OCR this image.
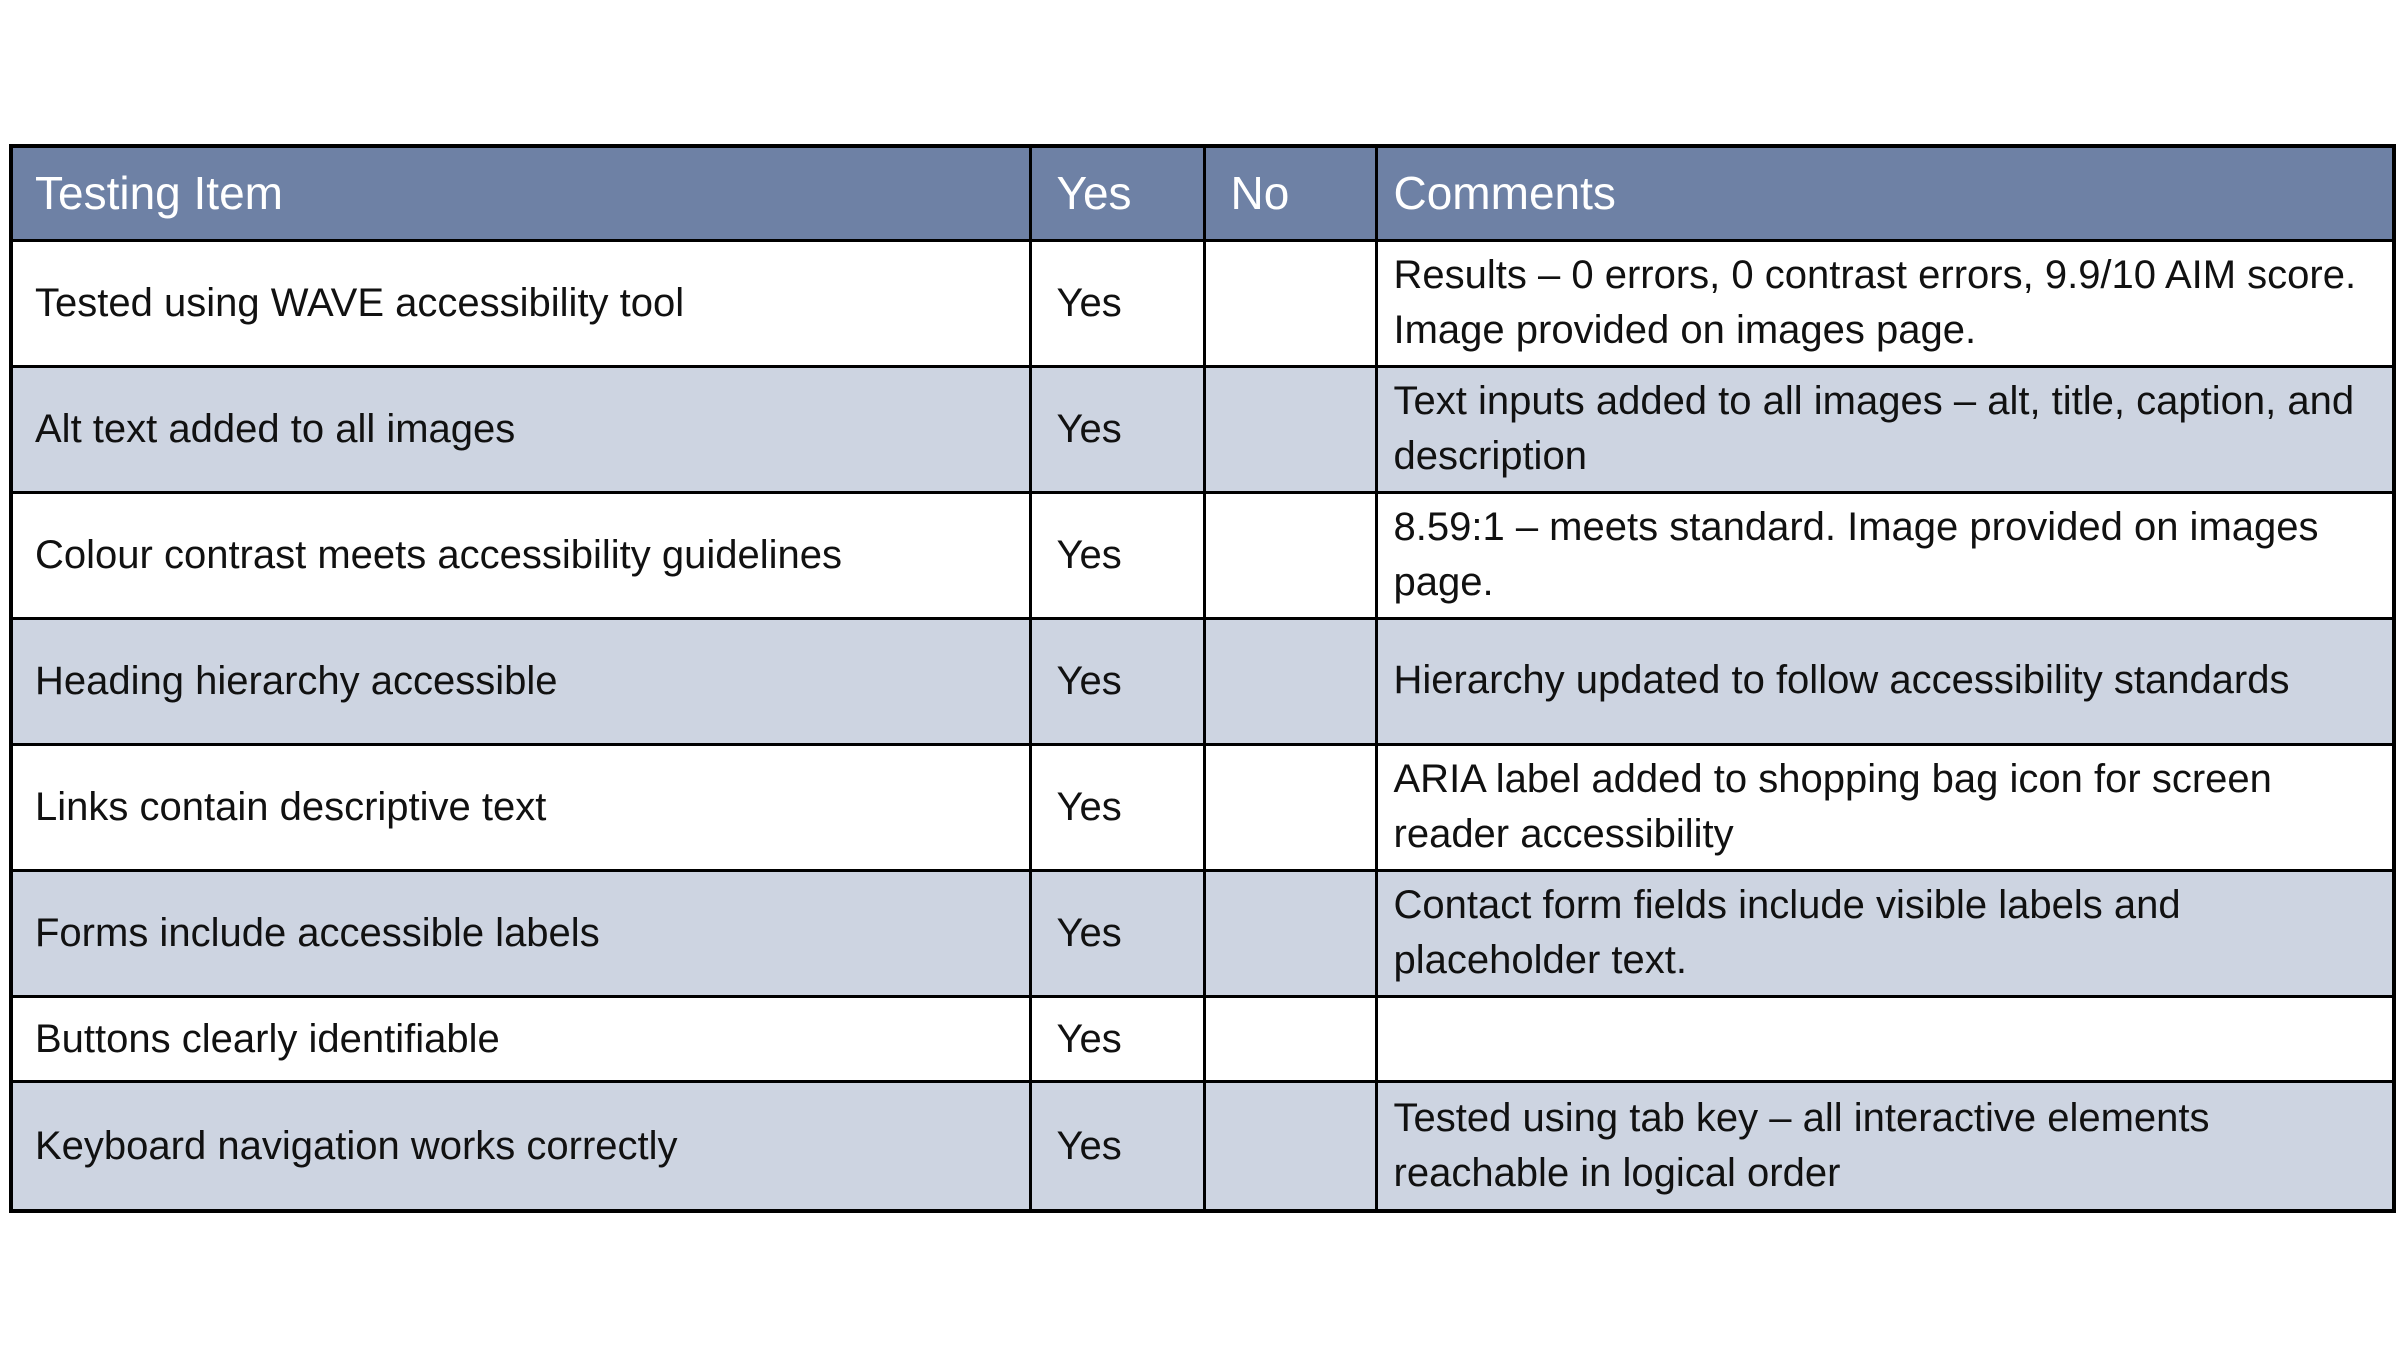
Testing Item	Yes	No	Comments
Tested using WAVE accessibility tool	Yes		Results – 0 errors, 0 contrast errors, 9.9/10 AIM score. Image provided on images page.
Alt text added to all images	Yes		Text inputs added to all images – alt, title, caption, and description
Colour contrast meets accessibility guidelines	Yes		8.59:1 – meets standard. Image provided on images page.
Heading hierarchy accessible	Yes		Hierarchy updated to follow accessibility standards
Links contain descriptive text	Yes		ARIA label added to shopping bag icon for screen reader accessibility
Forms include accessible labels	Yes		Contact form fields include visible labels and placeholder text.
Buttons clearly identifiable	Yes		
Keyboard navigation works correctly	Yes		Tested using tab key – all interactive elements reachable in logical order
